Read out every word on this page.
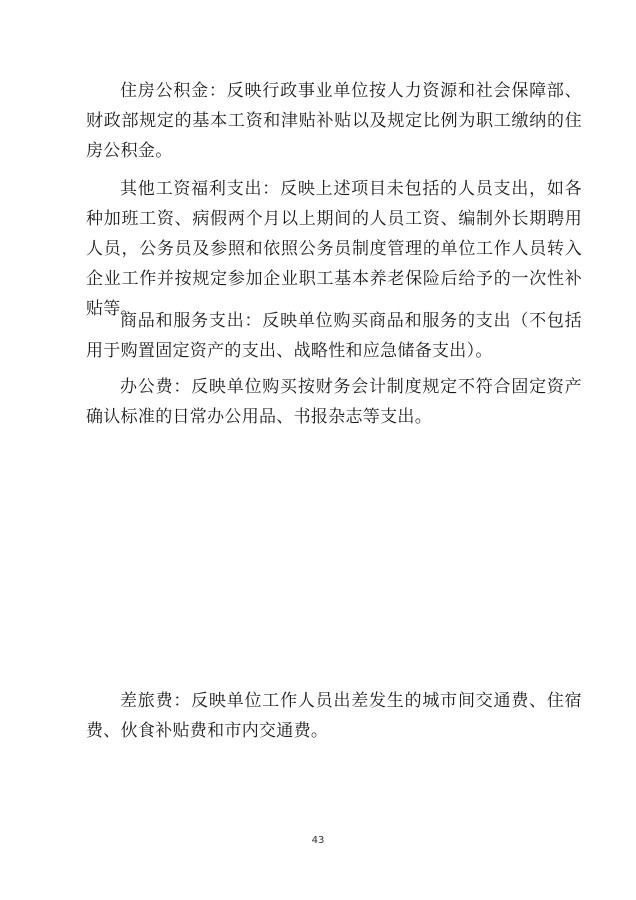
住房公积金：反映行政事业单位按人力资源和社会保障部、财政部规定的基本工资和津贴补贴以及规定比例为职工缴纳的住房公积金。

其他工资福利支出：反映上述项目未包括的人员支出，如各种加班工资、病假两个月以上期间的人员工资、编制外长期聘用人员，公务员及参照和依照公务员制度管理的单位工作人员转入企业工作并按规定参加企业职工基本养老保险后给予的一次性补贴等。

商品和服务支出：反映单位购买商品和服务的支出（不包括用于购置固定资产的支出、战略性和应急储备支出）。

办公费：反映单位购买按财务会计制度规定不符合固定资产确认标准的日常办公用品、书报杂志等支出。

差旅费：反映单位工作人员出差发生的城市间交通费、住宿费、伙食补贴费和市内交通费。

43
